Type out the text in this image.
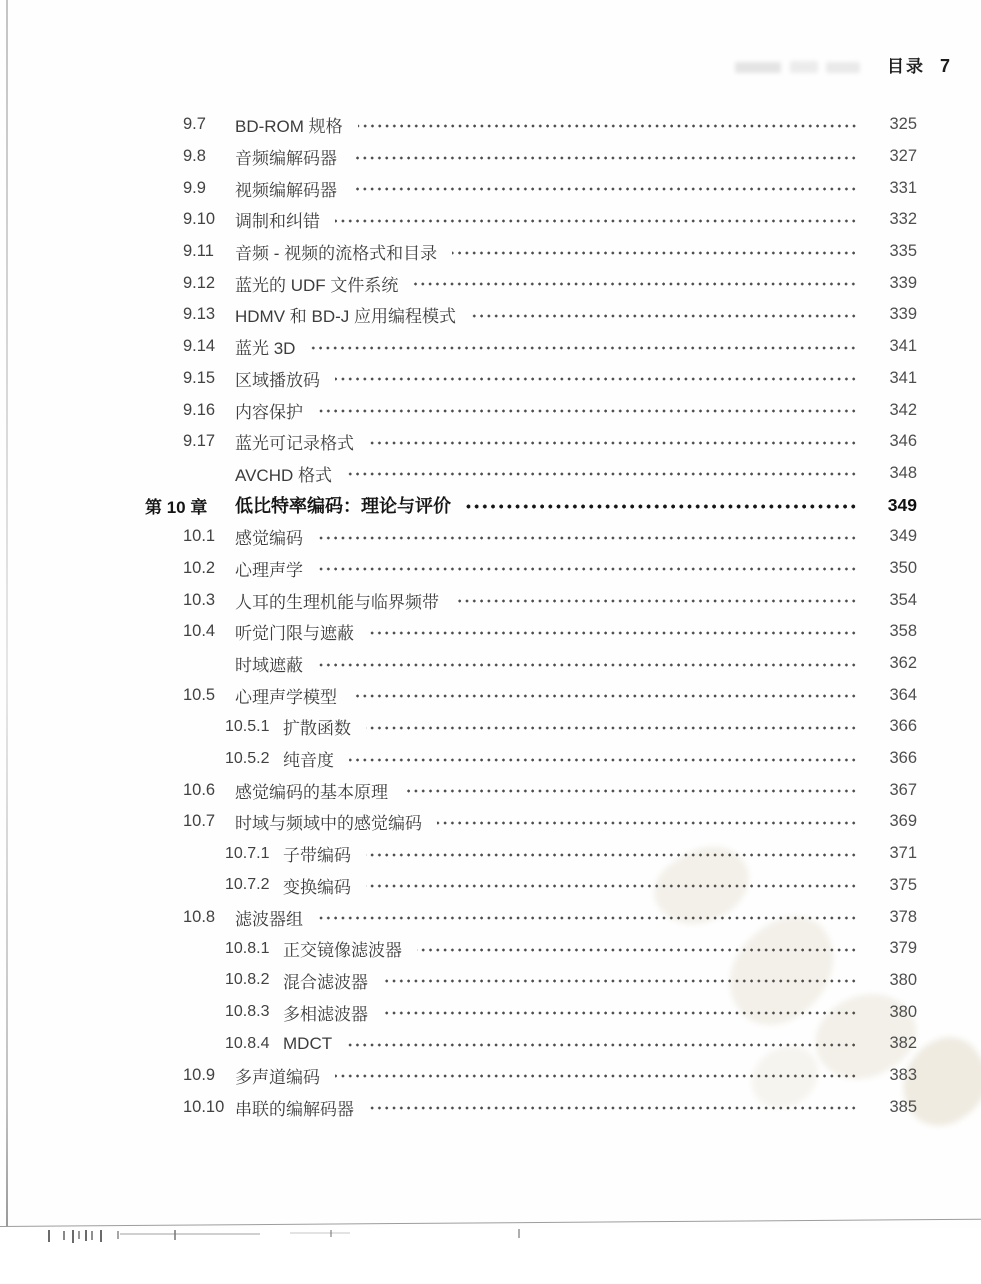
目录 7
9.7	BD-ROM 规格	325
9.8	音频编解码器	327
9.9	视频编解码器	331
9.10	调制和纠错	332
9.11	音频 - 视频的流格式和目录	335
9.12	蓝光的 UDF 文件系统	339
9.13	HDMV 和 BD-J 应用编程模式	339
9.14	蓝光 3D	341
9.15	区域播放码	341
9.16	内容保护	342
9.17	蓝光可记录格式	346
AVCHD 格式	348
第 10 章	低比特率编码：理论与评价	349
10.1	感觉编码	349
10.2	心理声学	350
10.3	人耳的生理机能与临界频带	354
10.4	听觉门限与遮蔽	358
时域遮蔽	362
10.5	心理声学模型	364
10.5.1 扩散函数	366
10.5.2 纯音度	366
10.6	感觉编码的基本原理	367
10.7	时域与频域中的感觉编码	369
10.7.1 子带编码	371
10.7.2 变换编码	375
10.8	滤波器组	378
10.8.1 正交镜像滤波器	379
10.8.2 混合滤波器	380
10.8.3 多相滤波器	380
10.8.4 MDCT	382
10.9	多声道编码	383
10.10 串联的编解码器	385
